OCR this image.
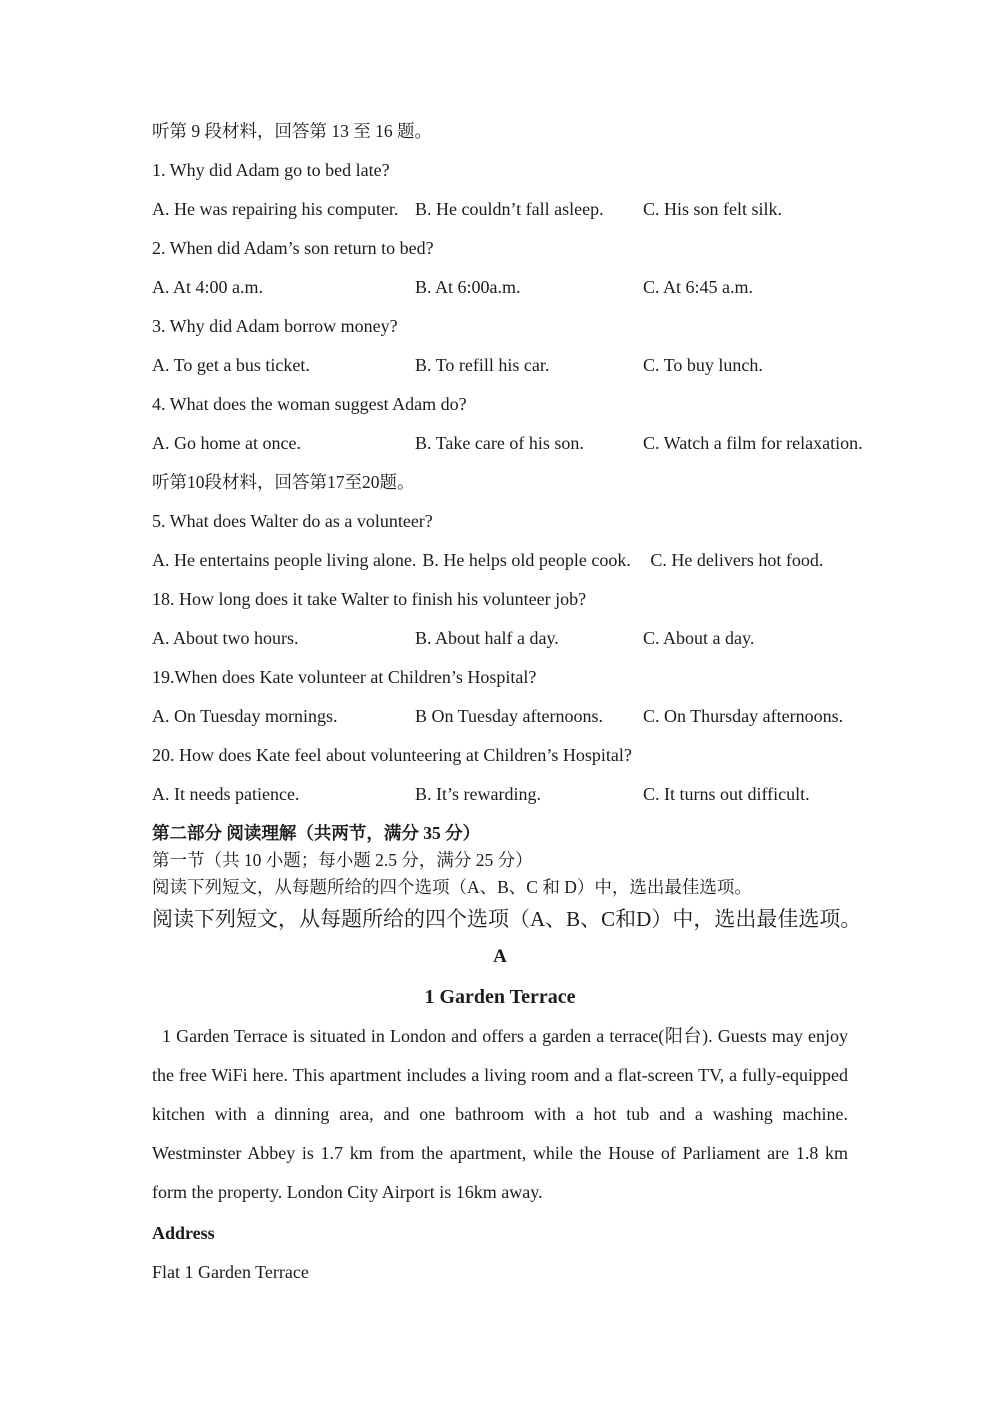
听第 9 段材料，回答第 13 至 16 题。
1. Why did Adam go to bed late?
A. He was repairing his computer. B. He couldn’t fall asleep.	C. His son felt silk.
2. When did Adam’s son return to bed?
A. At 4:00 a.m.	B. At 6:00a.m.	C. At 6:45 a.m.
3. Why did Adam borrow money?
A. To get a bus ticket.	B. To refill his car.	C. To buy lunch.
4. What does the woman suggest Adam do?
A. Go home at once.	B. Take care of his son.	C. Watch a film for relaxation.
听第10段材料，回答第17至20题。
5. What does Walter do as a volunteer?
A. He entertains people living alone. B. He helps old people cook.	C. He delivers hot food.
18. How long does it take Walter to finish his volunteer job?
A. About two hours.	B. About half a day.	C. About a day.
19.When does Kate volunteer at Children’s Hospital?
A. On Tuesday mornings.	B On Tuesday afternoons.	C. On Thursday afternoons.
20. How does Kate feel about volunteering at Children’s Hospital?
A. It needs patience.	B. It’s rewarding.	C. It turns out difficult.
第二部分 阅读理解（共两节，满分 35 分）
第一节（共 10 小题；每小题 2.5 分，满分 25 分）
阅读下列短文，从每题所给的四个选项（A、B、C 和 D）中，选出最佳选项。
阅读下列短文，从每题所给的四个选项（A、B、C和D）中，选出最佳选项。
A
1 Garden Terrace
1 Garden Terrace is situated in London and offers a garden a terrace(阳台). Guests may enjoy the free WiFi here. This apartment includes a living room and a flat-screen TV, a fully-equipped kitchen with a dinning area, and one bathroom with a hot tub and a washing machine. Westminster Abbey is 1.7 km from the apartment, while the House of Parliament are 1.8 km form the property. London City Airport is 16km away.
Address
Flat 1 Garden Terrace
